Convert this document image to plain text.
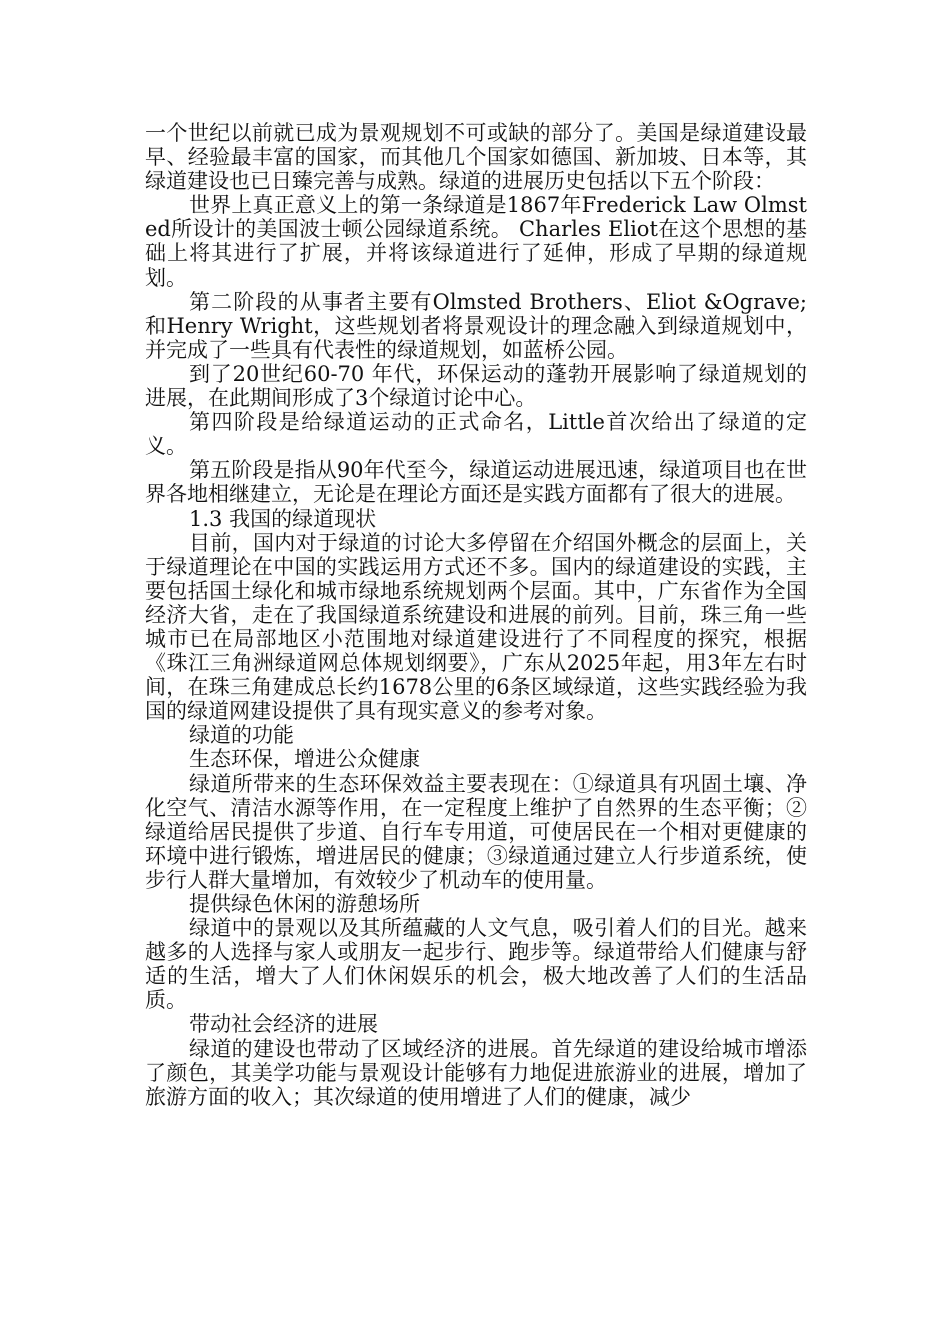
一个世纪以前就已成为景观规划不可或缺的部分了。美国是绿道建设最早、经验最丰富的国家，而其他几个国家如德国、新加坡、日本等，其绿道建设也已日臻完善与成熟。绿道的进展历史包括以下五个阶段：

世界上真正意义上的第一条绿道是1867年Frederick Law Olmsted所设计的美国波士顿公园绿道系统。 Charles Eliot在这个思想的基础上将其进行了扩展，并将该绿道进行了延伸，形成了早期的绿道规划。

第二阶段的从事者主要有Olmsted Brothers、Eliot &Ograve;和Henry Wright，这些规划者将景观设计的理念融入到绿道规划中，并完成了一些具有代表性的绿道规划，如蓝桥公园。

到了20世纪60-70 年代，环保运动的蓬勃开展影响了绿道规划的进展，在此期间形成了3个绿道讨论中心。

第四阶段是给绿道运动的正式命名，Little首次给出了绿道的定义。

第五阶段是指从90年代至今，绿道运动进展迅速，绿道项目也在世界各地相继建立，无论是在理论方面还是实践方面都有了很大的进展。

1.3 我国的绿道现状

目前，国内对于绿道的讨论大多停留在介绍国外概念的层面上，关于绿道理论在中国的实践运用方式还不多。国内的绿道建设的实践，主要包括国土绿化和城市绿地系统规划两个层面。其中，广东省作为全国经济大省，走在了我国绿道系统建设和进展的前列。目前，珠三角一些城市已在局部地区小范围地对绿道建设进行了不同程度的探究，根据《珠江三角洲绿道网总体规划纲要》，广东从2025年起，用3年左右时间，在珠三角建成总长约1678公里的6条区域绿道，这些实践经验为我国的绿道网建设提供了具有现实意义的参考对象。

绿道的功能

生态环保，增进公众健康

绿道所带来的生态环保效益主要表现在：①绿道具有巩固土壤、净化空气、清洁水源等作用，在一定程度上维护了自然界的生态平衡；②绿道给居民提供了步道、自行车专用道，可使居民在一个相对更健康的环境中进行锻炼，增进居民的健康；③绿道通过建立人行步道系统，使步行人群大量增加，有效较少了机动车的使用量。

提供绿色休闲的游憩场所

绿道中的景观以及其所蕴藏的人文气息，吸引着人们的目光。越来越多的人选择与家人或朋友一起步行、跑步等。绿道带给人们健康与舒适的生活，增大了人们休闲娱乐的机会，极大地改善了人们的生活品质。

带动社会经济的进展

绿道的建设也带动了区域经济的进展。首先绿道的建设给城市增添了颜色，其美学功能与景观设计能够有力地促进旅游业的进展，增加了旅游方面的收入；其次绿道的使用增进了人们的健康，减少
